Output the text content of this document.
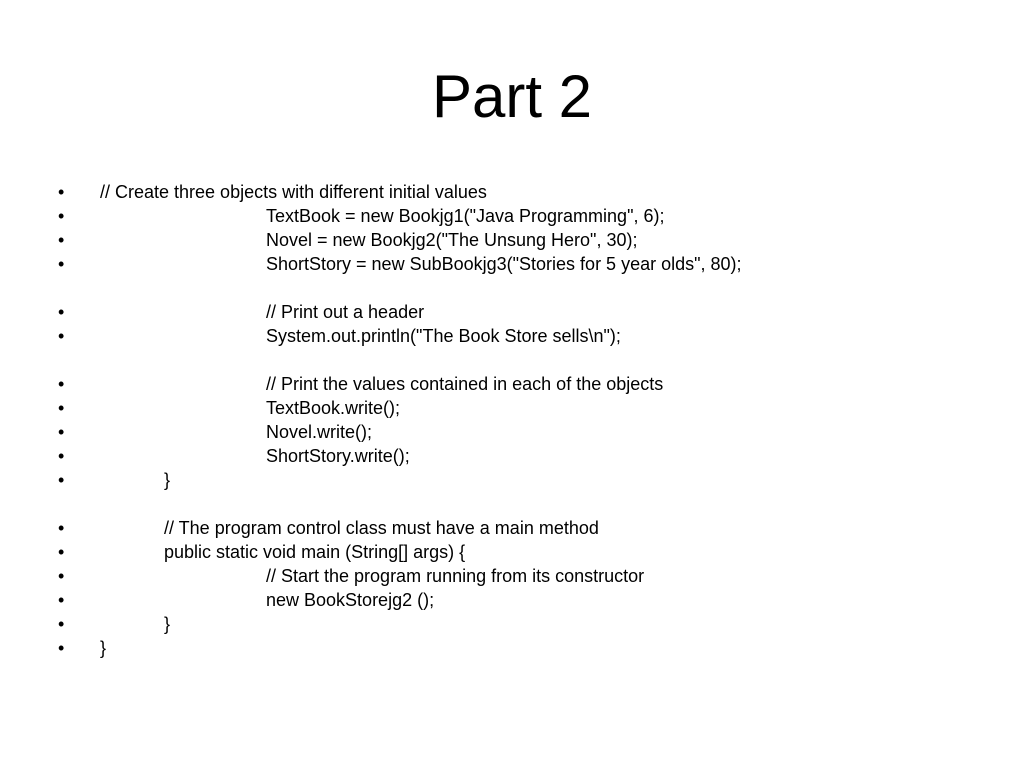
Part 2

•

// Create three objects with different initial values

•

	TextBook = new Bookjg1("Java Programming", 6);

•

	Novel = new Bookjg2("The Unsung Hero", 30);

•

	ShortStory = new SubBookjg3("Stories for 5 year olds", 80);

•

	// Print out a header

•

	System.out.println("The Book Store sells\n");

•

	// Print the values contained in each of the objects

•

	TextBook.write();

•

	Novel.write();

•

	ShortStory.write();

•

	}

•

	// The program control class must have a main method

•

	public static void main (String[] args) {

•

	// Start the program running from its constructor

•

	new BookStorejg2 ();

•

	}

•

}
